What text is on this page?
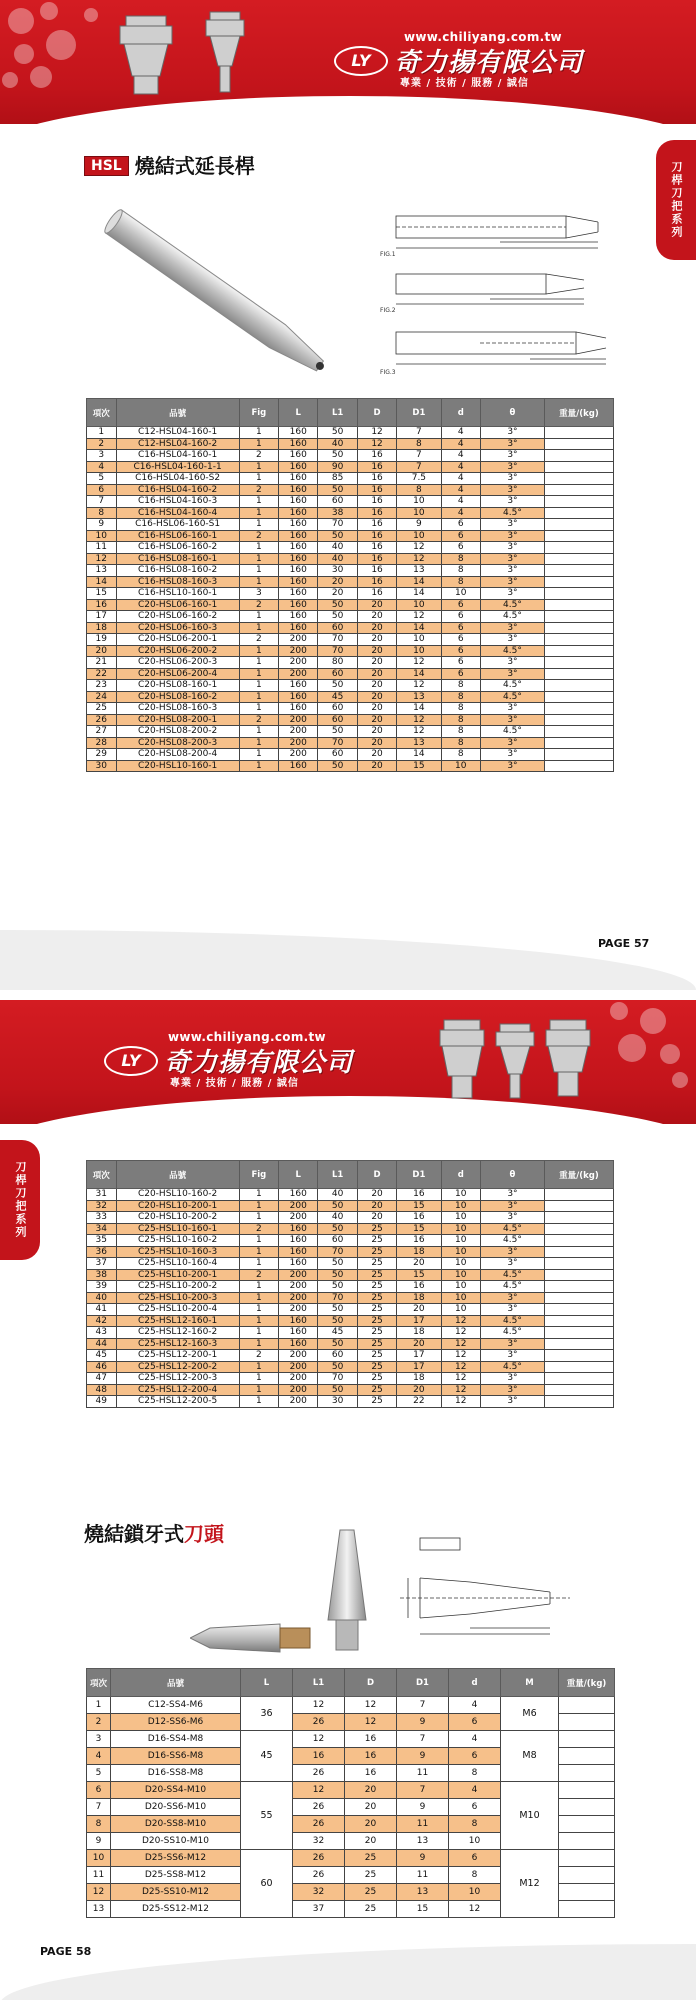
www.chiliyang.com.tw
LY 奇力揚有限公司
專業 / 技術 / 服務 / 誠信
刀桿刀把系列
HSL 燒結式延長桿
FIG.1
FIG.2
FIG.3
項次	品號	Fig	L	L1	D	D1	d	θ	重量/(kg)
1	C12-HSL04-160-1	1	160	50	12	7	4	3°	
2	C12-HSL04-160-2	1	160	40	12	8	4	3°	
3	C16-HSL04-160-1	2	160	50	16	7	4	3°	
4	C16-HSL04-160-1-1	1	160	90	16	7	4	3°	
5	C16-HSL04-160-S2	1	160	85	16	7.5	4	3°	
6	C16-HSL04-160-2	2	160	50	16	8	4	3°	
7	C16-HSL04-160-3	1	160	60	16	10	4	3°	
8	C16-HSL04-160-4	1	160	38	16	10	4	4.5°	
9	C16-HSL06-160-S1	1	160	70	16	9	6	3°	
10	C16-HSL06-160-1	2	160	50	16	10	6	3°	
11	C16-HSL06-160-2	1	160	40	16	12	6	3°	
12	C16-HSL08-160-1	1	160	40	16	12	8	3°	
13	C16-HSL08-160-2	1	160	30	16	13	8	3°	
14	C16-HSL08-160-3	1	160	20	16	14	8	3°	
15	C16-HSL10-160-1	3	160	20	16	14	10	3°	
16	C20-HSL06-160-1	2	160	50	20	10	6	4.5°	
17	C20-HSL06-160-2	1	160	50	20	12	6	4.5°	
18	C20-HSL06-160-3	1	160	60	20	14	6	3°	
19	C20-HSL06-200-1	2	200	70	20	10	6	3°	
20	C20-HSL06-200-2	1	200	70	20	10	6	4.5°	
21	C20-HSL06-200-3	1	200	80	20	12	6	3°	
22	C20-HSL06-200-4	1	200	60	20	14	6	3°	
23	C20-HSL08-160-1	1	160	50	20	12	8	4.5°	
24	C20-HSL08-160-2	1	160	45	20	13	8	4.5°	
25	C20-HSL08-160-3	1	160	60	20	14	8	3°	
26	C20-HSL08-200-1	2	200	60	20	12	8	3°	
27	C20-HSL08-200-2	1	200	50	20	12	8	4.5°	
28	C20-HSL08-200-3	1	200	70	20	13	8	3°	
29	C20-HSL08-200-4	1	200	60	20	14	8	3°	
30	C20-HSL10-160-1	1	160	50	20	15	10	3°	
PAGE 57
www.chiliyang.com.tw
LY 奇力揚有限公司
專業 / 技術 / 服務 / 誠信
刀桿刀把系列	項次	品號	Fig	L	L1	D	D1	d	θ	重量/(kg)
31	C20-HSL10-160-2	1	160	40	20	16	10	3°	
32	C20-HSL10-200-1	1	200	50	20	15	10	3°	
33	C20-HSL10-200-2	1	200	40	20	16	10	3°	
34	C25-HSL10-160-1	2	160	50	25	15	10	4.5°	
35	C25-HSL10-160-2	1	160	60	25	16	10	4.5°	
36	C25-HSL10-160-3	1	160	70	25	18	10	3°	
37	C25-HSL10-160-4	1	160	50	25	20	10	3°	
38	C25-HSL10-200-1	2	200	50	25	15	10	4.5°	
39	C25-HSL10-200-2	1	200	50	25	16	10	4.5°	
40	C25-HSL10-200-3	1	200	70	25	18	10	3°	
41	C25-HSL10-200-4	1	200	50	25	20	10	3°	
42	C25-HSL12-160-1	1	160	50	25	17	12	4.5°	
43	C25-HSL12-160-2	1	160	45	25	18	12	4.5°	
44	C25-HSL12-160-3	1	160	50	25	20	12	3°	
45	C25-HSL12-200-1	2	200	60	25	17	12	3°	
46	C25-HSL12-200-2	1	200	50	25	17	12	4.5°	
47	C25-HSL12-200-3	1	200	70	25	18	12	3°	
48	C25-HSL12-200-4	1	200	50	25	20	12	3°	
49	C25-HSL12-200-5	1	200	30	25	22	12	3°	
燒結鎖牙式刀頭
項次	品號	L	L1	D	D1	d	M	重量/(kg)
1	C12-SS4-M6	36	12	12	7	4	M6	
2	D12-SS6-M6		26	12	9	6		
3	D16-SS4-M8	45	12	16	7	4	M8	
4	D16-SS6-M8		16	16	9	6		
5	D16-SS8-M8		26	16	11	8		
6	D20-SS4-M10	55	12	20	7	4	M10	
7	D20-SS6-M10		26	20	9	6		
8	D20-SS8-M10		26	20	11	8		
9	D20-SS10-M10		32	20	13	10		
10	D25-SS6-M12	60	26	25	9	6	M12	
11	D25-SS8-M12		26	25	11	8		
12	D25-SS10-M12		32	25	13	10		
13	D25-SS12-M12		37	25	15	12		
PAGE 58
